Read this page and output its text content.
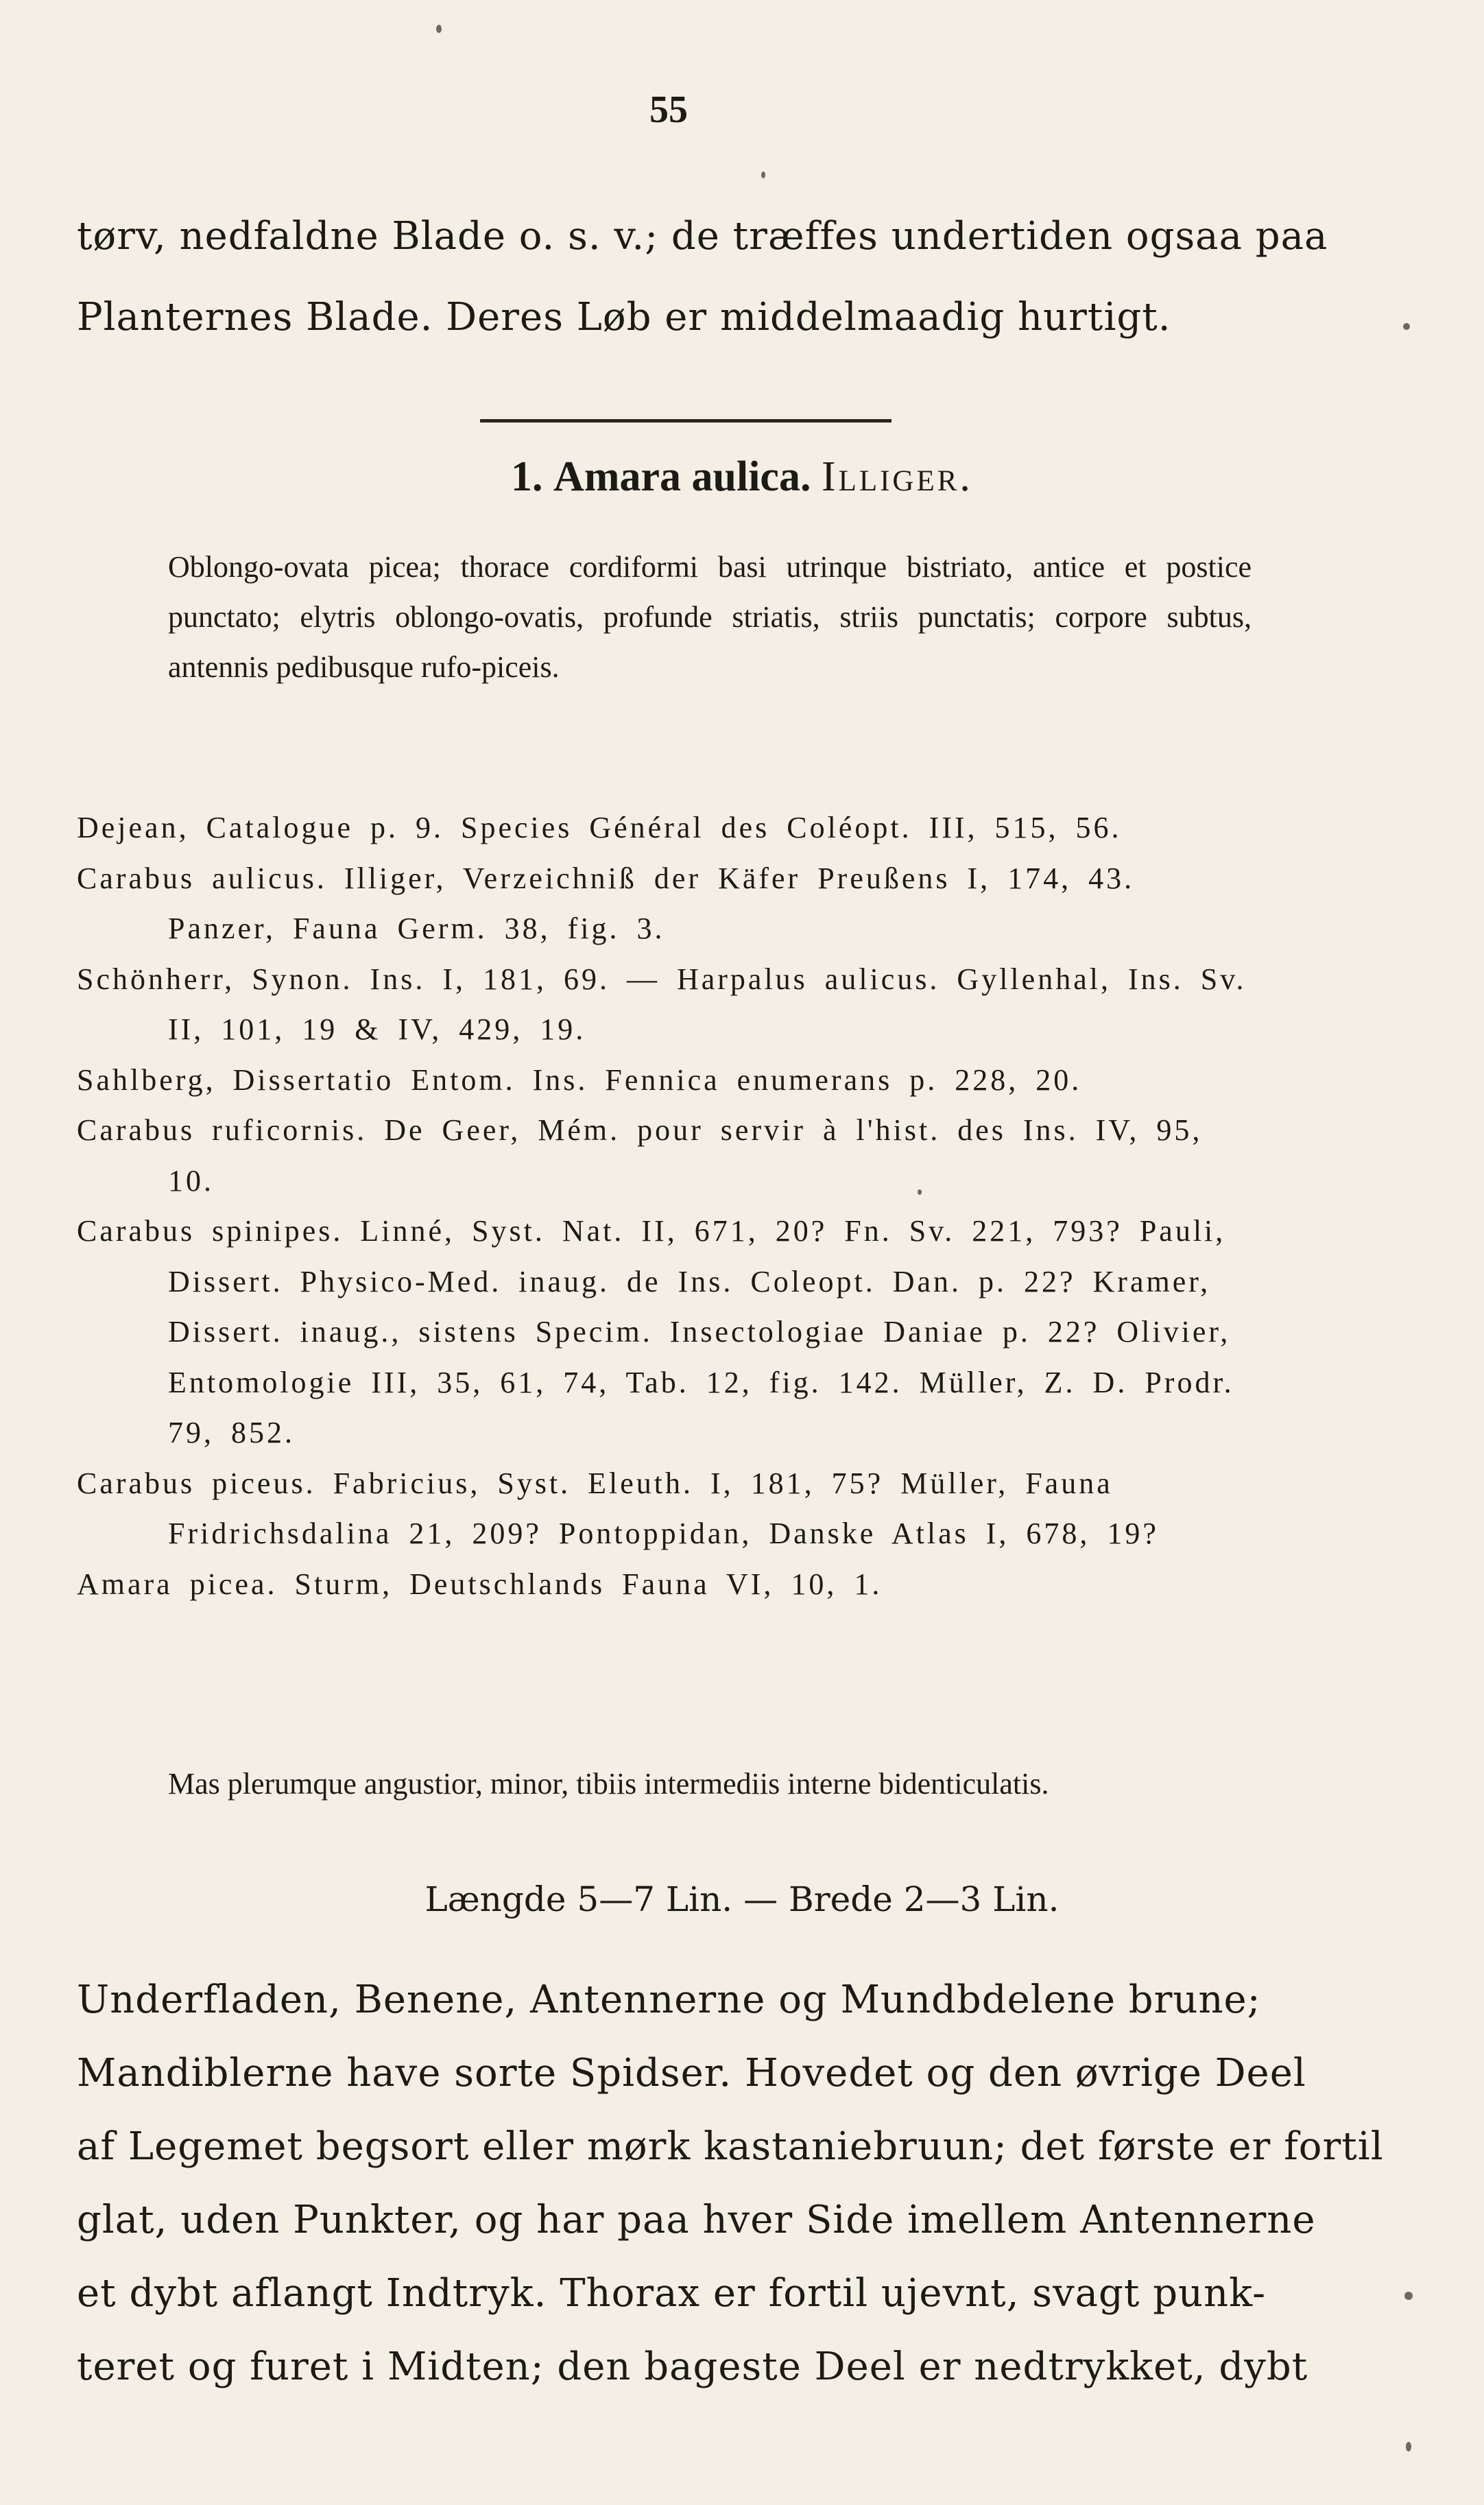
55
tørv, nedfaldne Blade o. s. v.; de træffes undertiden ogsaa paa
Planternes Blade. Deres Løb er middelmaadig hurtigt.
1. Amara aulica. Illiger.
Oblongo-ovata picea; thorace cordiformi basi utrinque bistriato, antice et postice punctato; elytris oblongo-ovatis, profunde striatis, striis punctatis; corpore subtus, antennis pedibusque rufo-piceis.
Dejean, Catalogue p. 9. Species Général des Coléopt. III, 515, 56.
Carabus aulicus. Illiger, Verzeichniß der Käfer Preußens I, 174, 43. Panzer, Fauna Germ. 38, fig. 3.
Schönherr, Synon. Ins. I, 181, 69. — Harpalus aulicus. Gyllenhal, Ins. Sv. II, 101, 19 & IV, 429, 19.
Sahlberg, Dissertatio Entom. Ins. Fennica enumerans p. 228, 20.
Carabus ruficornis. De Geer, Mém. pour servir à l'hist. des Ins. IV, 95, 10.
Carabus spinipes. Linné, Syst. Nat. II, 671, 20? Fn. Sv. 221, 793? Pauli, Dissert. Physico-Med. inaug. de Ins. Coleopt. Dan. p. 22? Kramer, Dissert. inaug., sistens Specim. Insectologiae Daniae p. 22? Olivier, Entomologie III, 35, 61, 74, Tab. 12, fig. 142. Müller, Z. D. Prodr. 79, 852.
Carabus piceus. Fabricius, Syst. Eleuth. I, 181, 75? Müller, Fauna Fridrichsdalina 21, 209? Pontoppidan, Danske Atlas I, 678, 19?
Amara picea. Sturm, Deutschlands Fauna VI, 10, 1.
Mas plerumque angustior, minor, tibiis intermediis interne bidenticulatis.
Længde 5—7 Lin. — Brede 2—3 Lin.
Underfladen, Benene, Antennerne og Mundbdelene brune;
Mandiblerne have sorte Spidser. Hovedet og den øvrige Deel
af Legemet begsort eller mørk kastaniebruun; det første er fortil
glat, uden Punkter, og har paa hver Side imellem Antennerne
et dybt aflangt Indtryk. Thorax er fortil ujevnt, svagt punk-
teret og furet i Midten; den bageste Deel er nedtrykket, dybt
